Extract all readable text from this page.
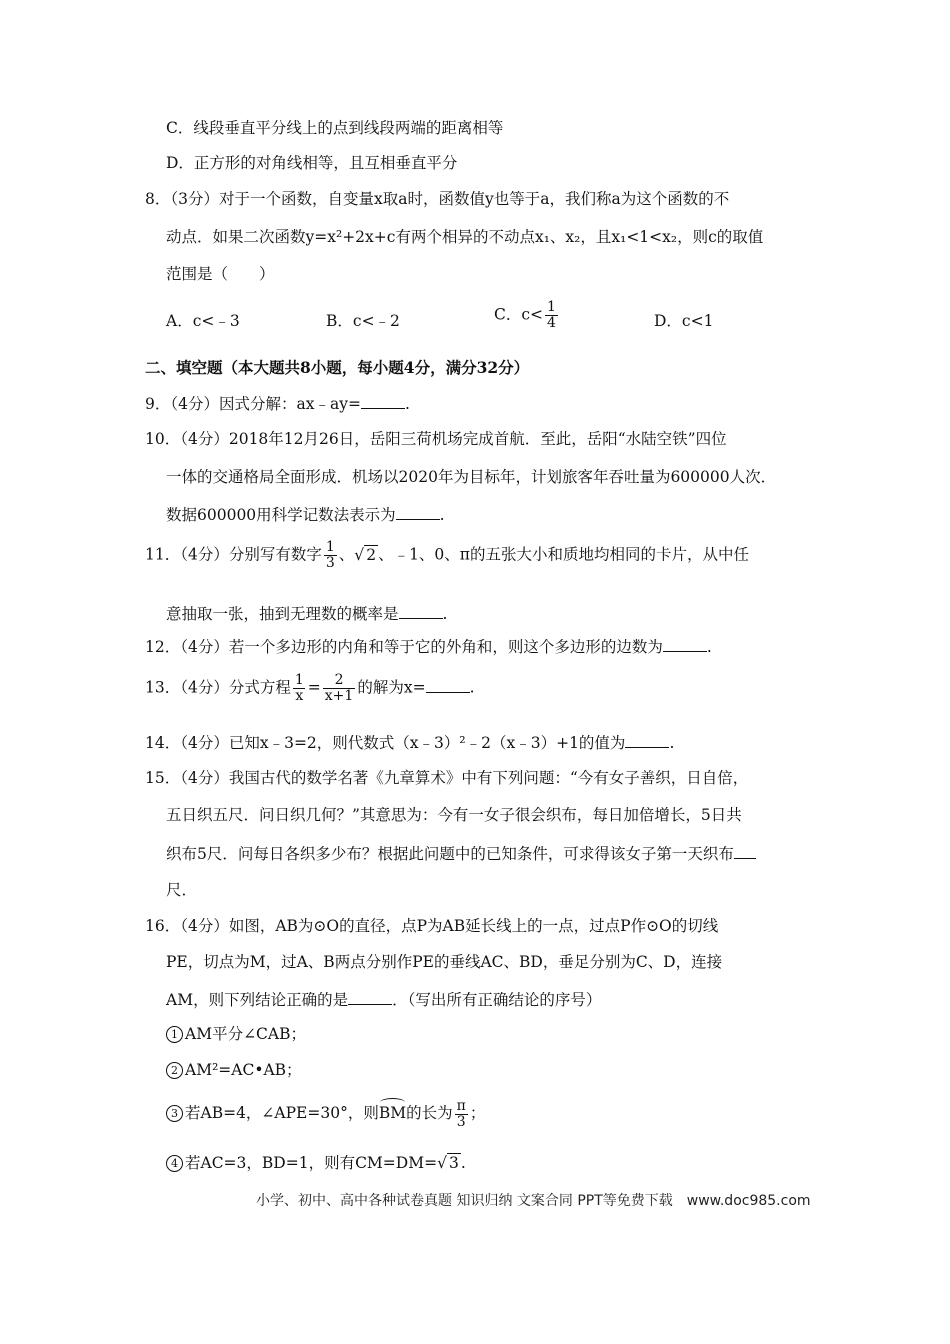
C．线段垂直平分线上的点到线段两端的距离相等
D．正方形的对角线相等，且互相垂直平分
8．（3分）对于一个函数，自变量x取a时，函数值y也等于a，我们称a为这个函数的不
动点．如果二次函数y=x²+2x+c有两个相异的不动点x₁、x₂，且x₁<1<x₂，则c的取值
范围是（　　）
A．c<﹣3	B．c<﹣2	C．$c< \frac{1}{4}$	D．c<1
二、填空题（本大题共8小题，每小题4分，满分32分）
9．（4分）因式分解：ax﹣ay=	.
10．（4分）2018年12月26日，岳阳三荷机场完成首航．至此，岳阳“水陆空铁”四位
一体的交通格局全面形成．机场以2020年为目标年，计划旅客年吞吐量为600000人次．
数据600000用科学记数法表示为	.
11．（4分）分别写有数字 $\frac{1}{3}$ 、√ 2 、﹣1、0、π的五张大小和质地均相同的卡片，从中任
意抽取一张，抽到无理数的概率是	.
12．（4分）若一个多边形的内角和等于它的外角和，则这个多边形的边数为	.
13．（4分）分式方程 $\frac{1}{x} = \frac{2}{x+1}$ 的解为x=	.
14．（4分）已知x﹣3=2，则代数式（x﹣3）²﹣2（x﹣3）+1的值为	.
15．（4分）我国古代的数学名著《九章算术》中有下列问题：“今有女子善织，日自倍，
五日织五尺．问日织几何？”其意思为：今有一女子很会织布，每日加倍增长，5日共
织布5尺．问每日各织多少布？根据此问题中的已知条件，可求得该女子第一天织布
尺．
16．（4分）如图，AB为⊙O的直径，点P为AB延长线上的一点，过点P作⊙O的切线
PE，切点为M，过A、B两点分别作PE的垂线AC、BD，垂足分别为C、D，连接
AM，则下列结论正确的是	．（写出所有正确结论的序号）
1 AM平分∠CAB；
2 AM²=AC•AB；
3 若AB=4，∠APE=30°，则BM的长为 $\frac{\pi}{3}$ ；
4 若AC=3，BD=1，则有CM=DM=√ 3 .
小学、初中、高中各种试卷真题 知识归纳 文案合同 PPT等免费下载　www.doc985.com
